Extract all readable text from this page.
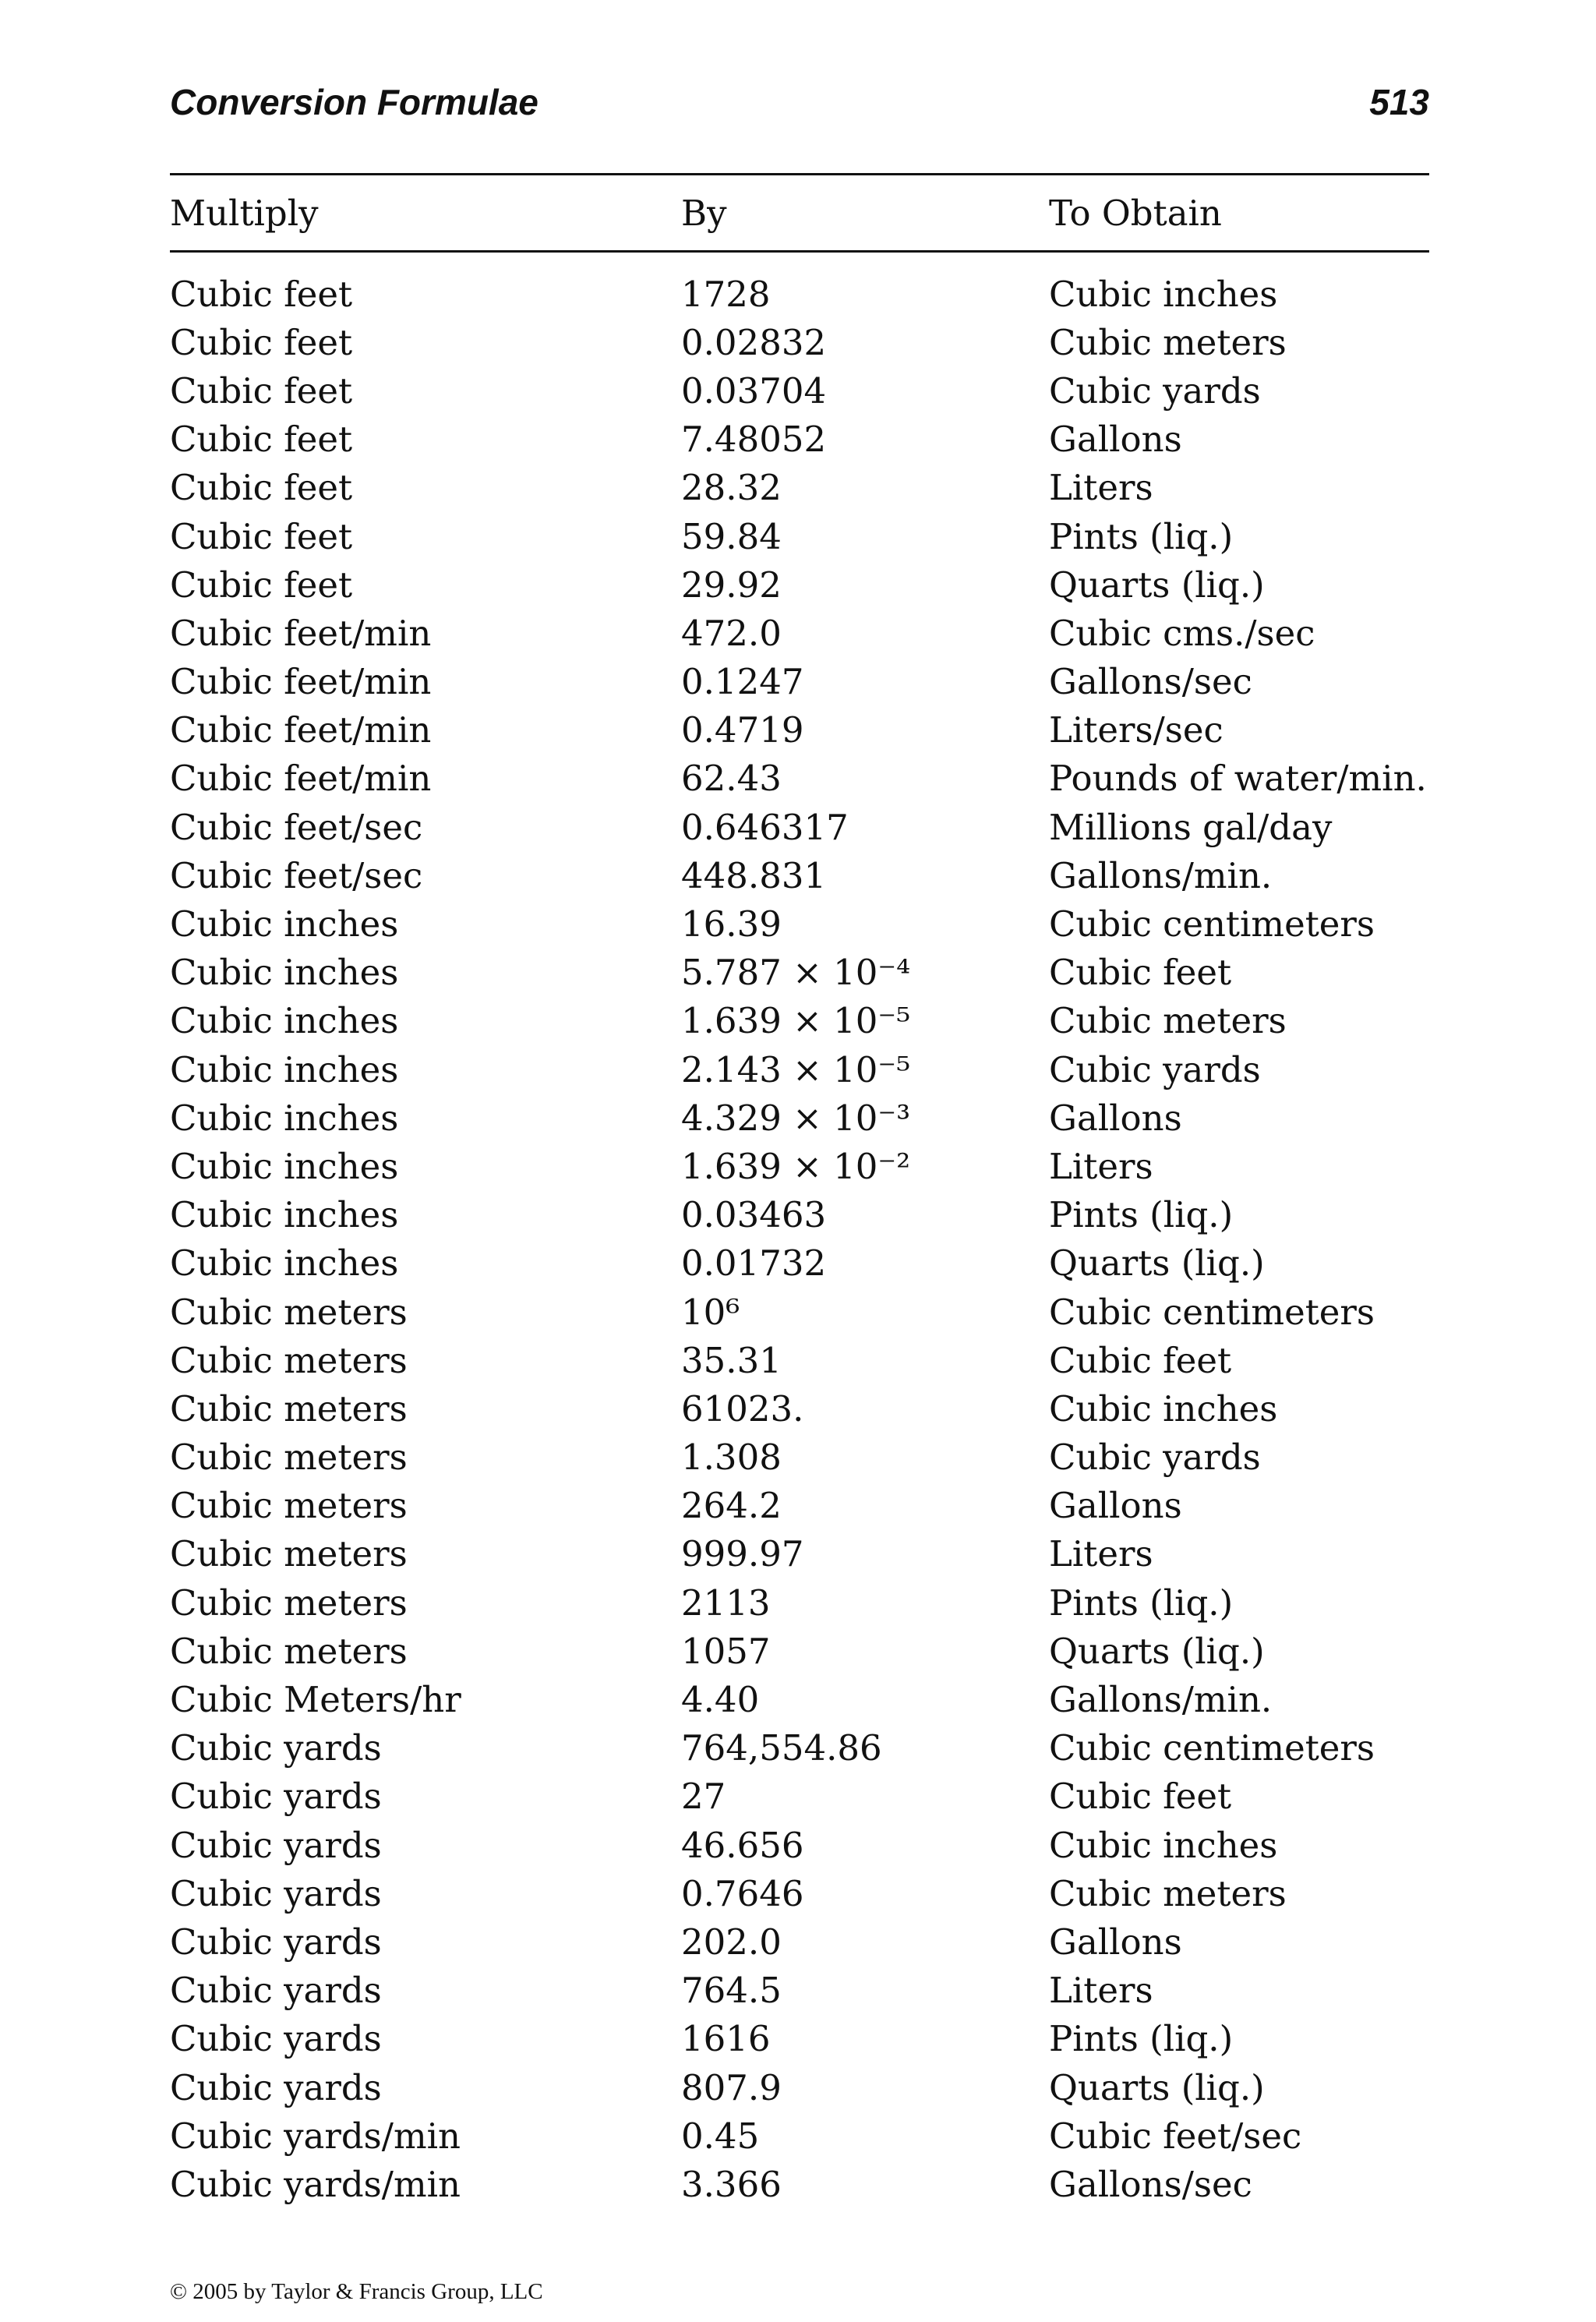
Conversion Formulae	513
Multiply	By	To Obtain
Cubic feet	1728	Cubic inches
Cubic feet	0.02832	Cubic meters
Cubic feet	0.03704	Cubic yards
Cubic feet	7.48052	Gallons
Cubic feet	28.32	Liters
Cubic feet	59.84	Pints (liq.)
Cubic feet	29.92	Quarts (liq.)
Cubic feet/min	472.0	Cubic cms./sec
Cubic feet/min	0.1247	Gallons/sec
Cubic feet/min	0.4719	Liters/sec
Cubic feet/min	62.43	Pounds of water/min.
Cubic feet/sec	0.646317	Millions gal/day
Cubic feet/sec	448.831	Gallons/min.
Cubic inches	16.39	Cubic centimeters
Cubic inches	5.787 × 10⁻⁴	Cubic feet
Cubic inches	1.639 × 10⁻⁵	Cubic meters
Cubic inches	2.143 × 10⁻⁵	Cubic yards
Cubic inches	4.329 × 10⁻³	Gallons
Cubic inches	1.639 × 10⁻²	Liters
Cubic inches	0.03463	Pints (liq.)
Cubic inches	0.01732	Quarts (liq.)
Cubic meters	10⁶	Cubic centimeters
Cubic meters	35.31	Cubic feet
Cubic meters	61023.	Cubic inches
Cubic meters	1.308	Cubic yards
Cubic meters	264.2	Gallons
Cubic meters	999.97	Liters
Cubic meters	2113	Pints (liq.)
Cubic meters	1057	Quarts (liq.)
Cubic Meters/hr	4.40	Gallons/min.
Cubic yards	764,554.86	Cubic centimeters
Cubic yards	27	Cubic feet
Cubic yards	46.656	Cubic inches
Cubic yards	0.7646	Cubic meters
Cubic yards	202.0	Gallons
Cubic yards	764.5	Liters
Cubic yards	1616	Pints (liq.)
Cubic yards	807.9	Quarts (liq.)
Cubic yards/min	0.45	Cubic feet/sec
Cubic yards/min	3.366	Gallons/sec
© 2005 by Taylor & Francis Group, LLC
